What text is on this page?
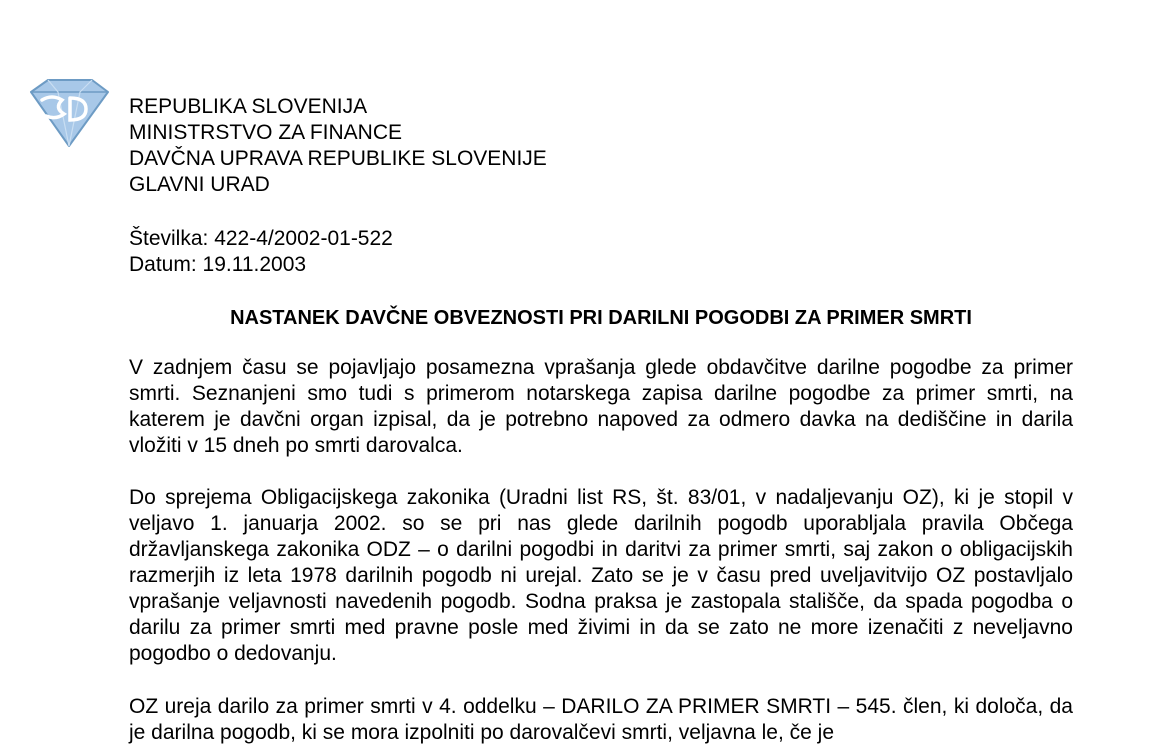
REPUBLIKA SLOVENIJA
MINISTRSTVO ZA FINANCE
DAVČNA UPRAVA REPUBLIKE SLOVENIJE
GLAVNI URAD
Številka: 422-4/2002-01-522
Datum: 19.11.2003
NASTANEK DAVČNE OBVEZNOSTI PRI DARILNI POGODBI ZA PRIMER SMRTI
V zadnjem času se pojavljajo posamezna vprašanja glede obdavčitve darilne pogodbe za primer smrti. Seznanjeni smo tudi s primerom notarskega zapisa darilne pogodbe za primer smrti, na katerem je davčni organ izpisal, da je potrebno napoved za odmero davka na dediščine in darila vložiti v 15 dneh po smrti darovalca.
Do sprejema Obligacijskega zakonika (Uradni list RS, št. 83/01, v nadaljevanju OZ), ki je stopil v veljavo 1. januarja 2002. so se pri nas glede darilnih pogodb uporabljala pravila Občega državljanskega zakonika ODZ – o darilni pogodbi in daritvi za primer smrti, saj zakon o obligacijskih razmerjih iz leta 1978 darilnih pogodb ni urejal. Zato se je v času pred uveljavitvijo OZ postavljalo vprašanje veljavnosti navedenih pogodb. Sodna praksa je zastopala stališče, da spada pogodba o darilu za primer smrti med pravne posle med živimi in da se zato ne more izenačiti z neveljavno pogodbo o dedovanju.
OZ ureja darilo za primer smrti v 4. oddelku – DARILO ZA PRIMER SMRTI – 545. člen, ki določa, da je darilna pogodb, ki se mora izpolniti po darovalčevi smrti, veljavna le, če je
